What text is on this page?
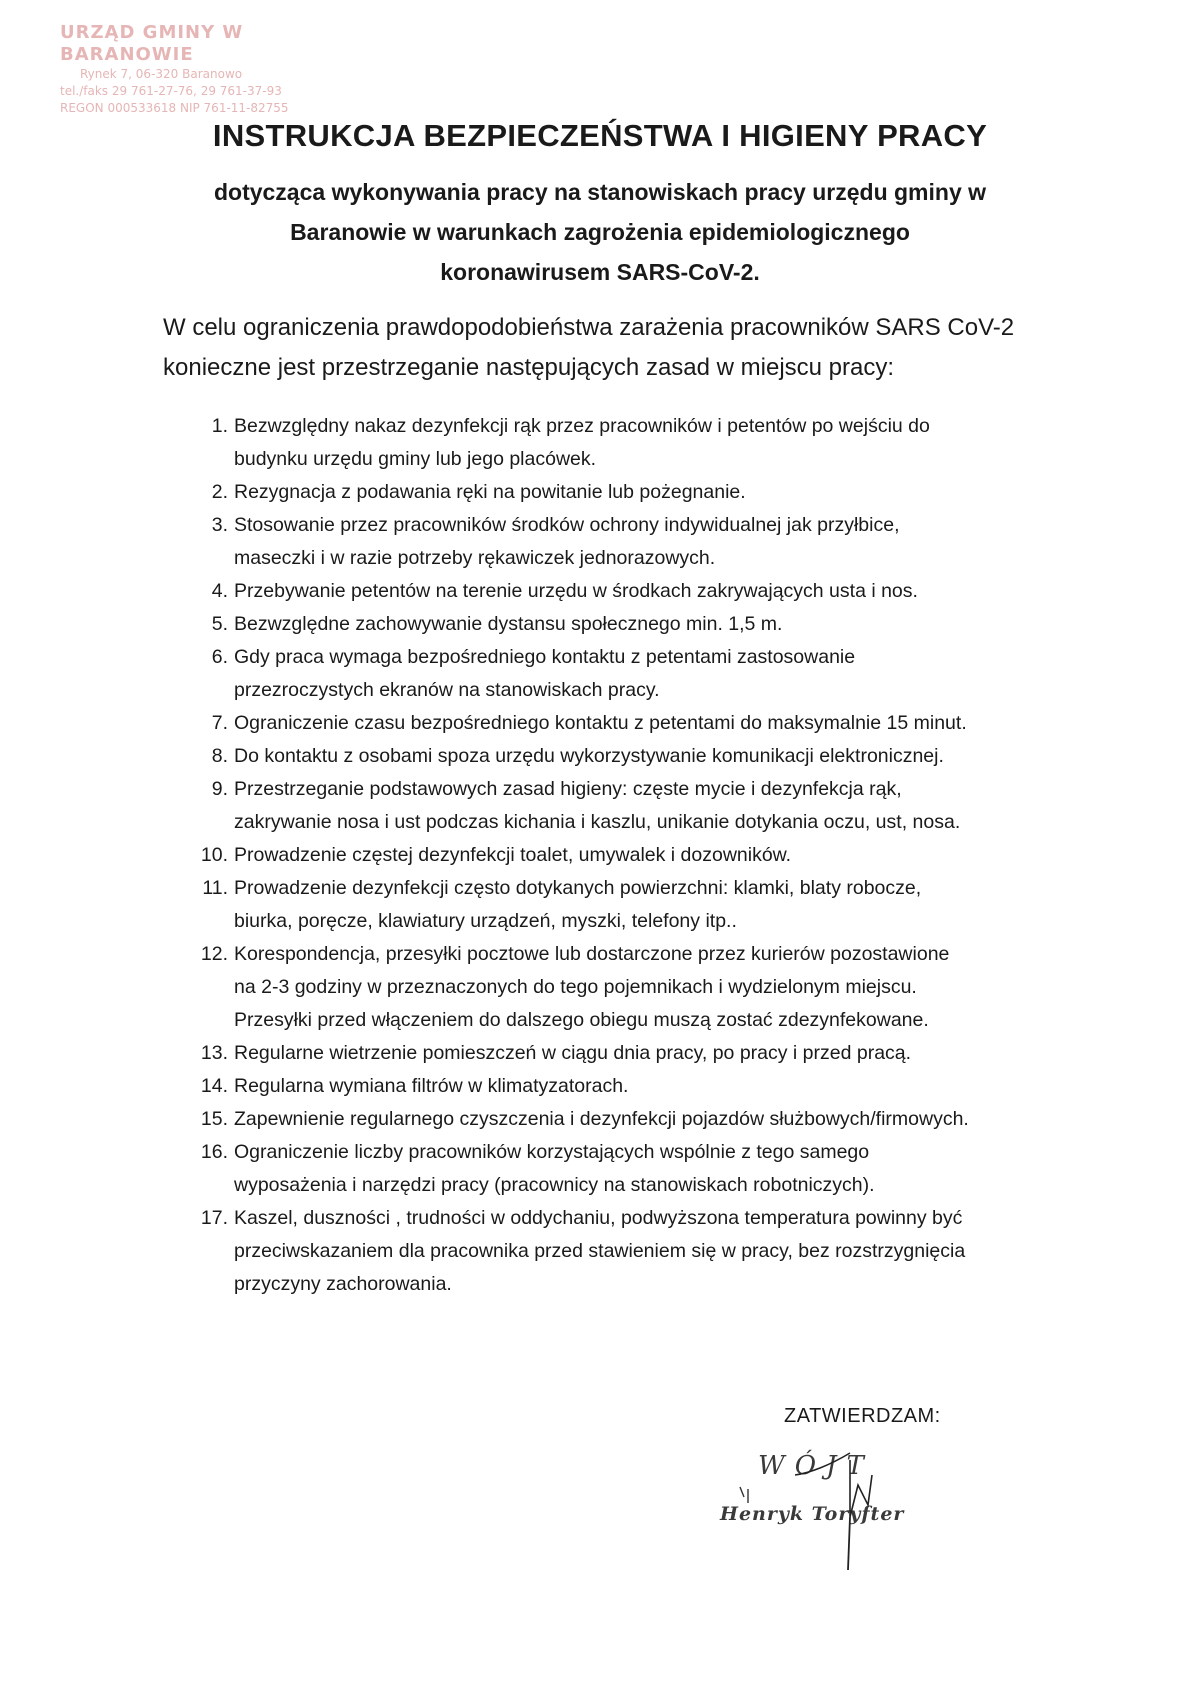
URZĄD GMINY W BARANOWIE
Rynek 7, 06-320 Baranowo
tel./faks 29 761-27-76, 29 761-37-93
REGON 000533618 NIP 761-11-82755
INSTRUKCJA BEZPIECZEŃSTWA I HIGIENY PRACY
dotycząca wykonywania pracy na stanowiskach pracy urzędu gminy w
Baranowie w warunkach zagrożenia epidemiologicznego
koronawirusem SARS-CoV-2.
W celu ograniczenia prawdopodobieństwa zarażenia pracowników SARS CoV-2
konieczne jest przestrzeganie następujących zasad w miejscu pracy:
1. Bezwzględny nakaz dezynfekcji rąk przez pracowników i petentów po wejściu do
budynku urzędu gminy lub jego placówek.
2. Rezygnacja z podawania ręki na powitanie lub pożegnanie.
3. Stosowanie przez pracowników środków ochrony indywidualnej jak przyłbice,
maseczki i w razie potrzeby rękawiczek jednorazowych.
4. Przebywanie petentów na terenie urzędu w środkach zakrywających usta i nos.
5. Bezwzględne zachowywanie dystansu społecznego min. 1,5 m.
6. Gdy praca wymaga bezpośredniego kontaktu z petentami zastosowanie
przezroczystych ekranów na stanowiskach pracy.
7. Ograniczenie czasu bezpośredniego kontaktu z petentami do maksymalnie 15 minut.
8. Do kontaktu z osobami spoza urzędu wykorzystywanie komunikacji elektronicznej.
9. Przestrzeganie podstawowych zasad higieny: częste mycie i dezynfekcja rąk,
zakrywanie nosa i ust podczas kichania i kaszlu, unikanie dotykania oczu, ust, nosa.
10. Prowadzenie częstej dezynfekcji toalet, umywalek i dozowników.
11. Prowadzenie dezynfekcji często dotykanych powierzchni: klamki, blaty robocze,
biurka, poręcze, klawiatury urządzeń, myszki, telefony itp..
12. Korespondencja, przesyłki pocztowe lub dostarczone przez kurierów pozostawione
na 2-3 godziny w przeznaczonych do tego pojemnikach i wydzielonym miejscu.
Przesyłki przed włączeniem do dalszego obiegu muszą zostać zdezynfekowane.
13. Regularne wietrzenie pomieszczeń w ciągu dnia pracy, po pracy i przed pracą.
14. Regularna wymiana filtrów w klimatyzatorach.
15. Zapewnienie regularnego czyszczenia i dezynfekcji pojazdów służbowych/firmowych.
16. Ograniczenie liczby pracowników korzystających wspólnie z tego samego
wyposażenia i narzędzi pracy (pracownicy na stanowiskach robotniczych).
17. Kaszel, duszności , trudności w oddychaniu, podwyższona temperatura powinny być
przeciwskazaniem dla pracownika przed stawieniem się w pracy, bez rozstrzygnięcia
przyczyny zachorowania.
ZATWIERDZAM:
WÓJT
Henryk Toryfter
